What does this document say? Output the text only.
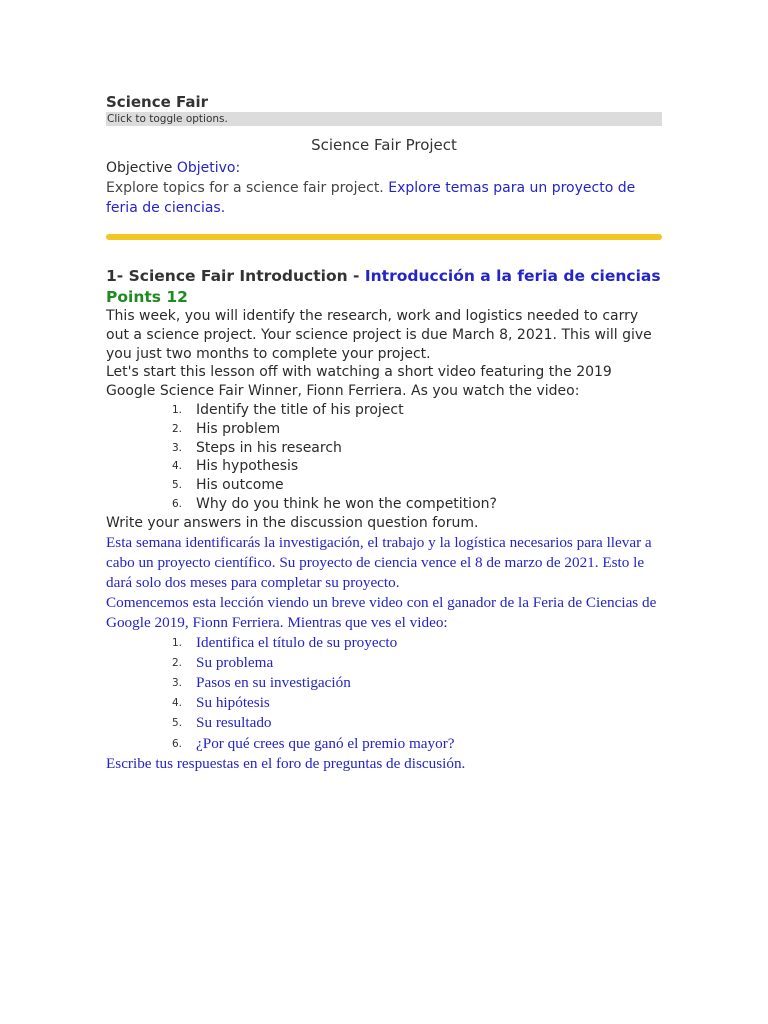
Science Fair
Click to toggle options.
Science Fair Project
Objective Objetivo:
Explore topics for a science fair project. Explore temas para un proyecto de feria de ciencias.
1- Science Fair Introduction - Introducción a la feria de ciencias
Points 12

This week, you will identify the research, work and logistics needed to carry out a science project. Your science project is due March 8, 2021. This will give you just two months to complete your project.

Let's start this lesson off with watching a short video featuring the 2019 Google Science Fair Winner, Fionn Ferriera. As you watch the video:

1. Identify the title of his project
2. His problem
3. Steps in his research
4. His hypothesis
5. His outcome
6. Why do you think he won the competition?

Write your answers in the discussion question forum.

Esta semana identificarás la investigación, el trabajo y la logística necesarios para llevar a cabo un proyecto científico. Su proyecto de ciencia vence el 8 de marzo de 2021. Esto le dará solo dos meses para completar su proyecto.

Comencemos esta lección viendo un breve video con el ganador de la Feria de Ciencias de Google 2019, Fionn Ferriera. Mientras que ves el video:

1. Identifica el título de su proyecto
2. Su problema
3. Pasos en su investigación
4. Su hipótesis
5. Su resultado
6. ¿Por qué crees que ganó el premio mayor?

Escribe tus respuestas en el foro de preguntas de discusión.
